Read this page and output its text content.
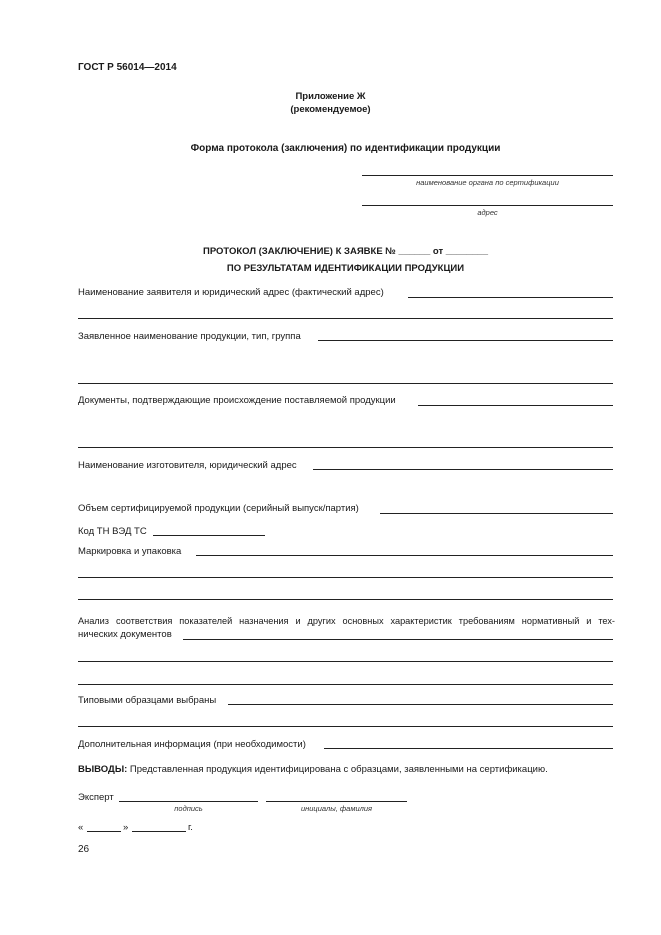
ГОСТ Р 56014—2014
Приложение Ж
(рекомендуемое)
Форма протокола (заключения) по идентификации продукции
наименование органа по сертификации
адрес
ПРОТОКОЛ (ЗАКЛЮЧЕНИЕ) К ЗАЯВКЕ № ______ от ________
ПО РЕЗУЛЬТАТАМ ИДЕНТИФИКАЦИИ ПРОДУКЦИИ
Наименование заявителя и юридический адрес (фактический адрес)
Заявленное наименование продукции, тип, группа
Документы, подтверждающие происхождение поставляемой продукции
Наименование изготовителя, юридический адрес
Объем сертифицируемой продукции (серийный выпуск/партия)
Код ТН ВЭД ТС
Маркировка и упаковка
Анализ соответствия показателей назначения и других основных характеристик требованиям нормативный и тех-
нических документов
Типовыми образцами выбраны
Дополнительная информация (при необходимости)
ВЫВОДЫ: Представленная продукция идентифицирована с образцами, заявленными на сертификацию.
Эксперт
подпись	инициалы, фамилия
«	»	г.
26
